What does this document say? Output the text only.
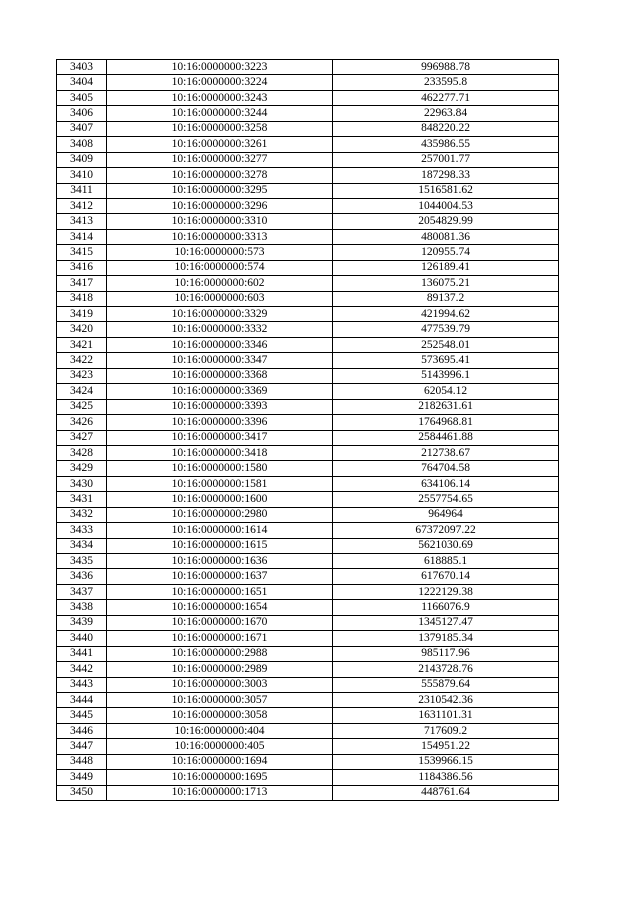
3403	10:16:0000000:3223	996988.78
3404	10:16:0000000:3224	233595.8
3405	10:16:0000000:3243	462277.71
3406	10:16:0000000:3244	22963.84
3407	10:16:0000000:3258	848220.22
3408	10:16:0000000:3261	435986.55
3409	10:16:0000000:3277	257001.77
3410	10:16:0000000:3278	187298.33
3411	10:16:0000000:3295	1516581.62
3412	10:16:0000000:3296	1044004.53
3413	10:16:0000000:3310	2054829.99
3414	10:16:0000000:3313	480081.36
3415	10:16:0000000:573	120955.74
3416	10:16:0000000:574	126189.41
3417	10:16:0000000:602	136075.21
3418	10:16:0000000:603	89137.2
3419	10:16:0000000:3329	421994.62
3420	10:16:0000000:3332	477539.79
3421	10:16:0000000:3346	252548.01
3422	10:16:0000000:3347	573695.41
3423	10:16:0000000:3368	5143996.1
3424	10:16:0000000:3369	62054.12
3425	10:16:0000000:3393	2182631.61
3426	10:16:0000000:3396	1764968.81
3427	10:16:0000000:3417	2584461.88
3428	10:16:0000000:3418	212738.67
3429	10:16:0000000:1580	764704.58
3430	10:16:0000000:1581	634106.14
3431	10:16:0000000:1600	2557754.65
3432	10:16:0000000:2980	964964
3433	10:16:0000000:1614	67372097.22
3434	10:16:0000000:1615	5621030.69
3435	10:16:0000000:1636	618885.1
3436	10:16:0000000:1637	617670.14
3437	10:16:0000000:1651	1222129.38
3438	10:16:0000000:1654	1166076.9
3439	10:16:0000000:1670	1345127.47
3440	10:16:0000000:1671	1379185.34
3441	10:16:0000000:2988	985117.96
3442	10:16:0000000:2989	2143728.76
3443	10:16:0000000:3003	555879.64
3444	10:16:0000000:3057	2310542.36
3445	10:16:0000000:3058	1631101.31
3446	10:16:0000000:404	717609.2
3447	10:16:0000000:405	154951.22
3448	10:16:0000000:1694	1539966.15
3449	10:16:0000000:1695	1184386.56
3450	10:16:0000000:1713	448761.64
